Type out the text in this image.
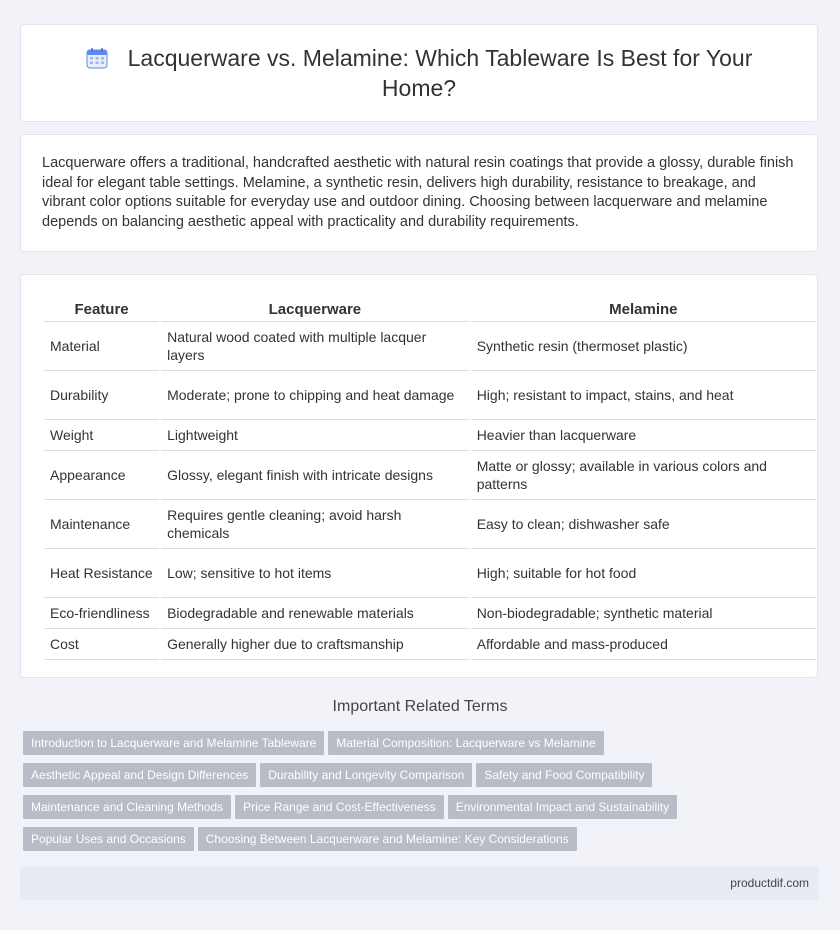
Lacquerware vs. Melamine: Which Tableware Is Best for Your Home?

Lacquerware offers a traditional, handcrafted aesthetic with natural resin coatings that provide a glossy, durable finish ideal for elegant table settings. Melamine, a synthetic resin, delivers high durability, resistance to breakage, and vibrant color options suitable for everyday use and outdoor dining. Choosing between lacquerware and melamine depends on balancing aesthetic appeal with practicality and durability requirements.

Feature	Lacquerware	Melamine
Material	Natural wood coated with multiple lacquer layers	Synthetic resin (thermoset plastic)
Durability	Moderate; prone to chipping and heat damage	High; resistant to impact, stains, and heat
Weight	Lightweight	Heavier than lacquerware
Appearance	Glossy, elegant finish with intricate designs	Matte or glossy; available in various colors and patterns
Maintenance	Requires gentle cleaning; avoid harsh chemicals	Easy to clean; dishwasher safe
Heat Resistance	Low; sensitive to hot items	High; suitable for hot food
Eco-friendliness	Biodegradable and renewable materials	Non-biodegradable; synthetic material
Cost	Generally higher due to craftsmanship	Affordable and mass-produced
Important Related Terms
Introduction to Lacquerware and Melamine Tableware Material Composition: Lacquerware vs Melamine
Aesthetic Appeal and Design Differences Durability and Longevity Comparison Safety and Food Compatibility
Maintenance and Cleaning Methods Price Range and Cost-Effectiveness Environmental Impact and Sustainability
Popular Uses and Occasions Choosing Between Lacquerware and Melamine: Key Considerations
productdif.com
